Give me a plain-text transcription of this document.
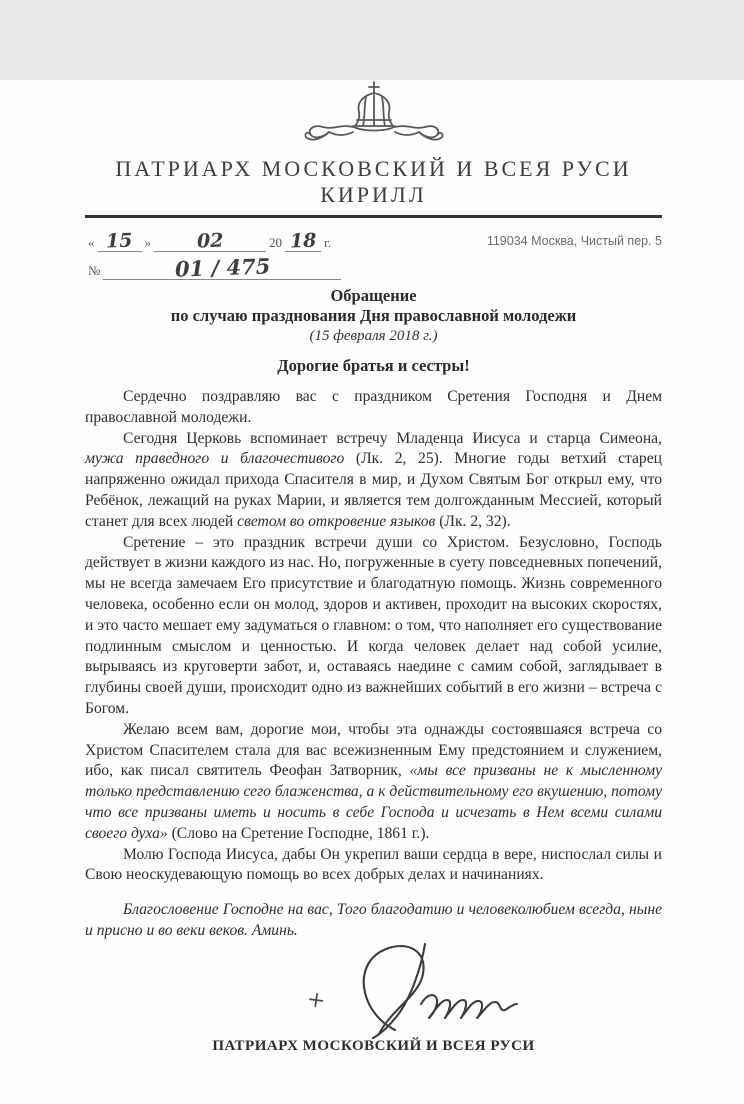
ПАТРИАРХ МОСКОВСКИЙ И ВСЕЯ РУСИ
КИРИЛЛ
« 15 »	02	20 18 г.	119034 Москва, Чистый пер. 5
№	01 / 475
Обращение
по случаю празднования Дня православной молодежи
(15 февраля 2018 г.)
Дорогие братья и сестры!

Сердечно поздравляю вас с праздником Сретения Господня и Днем православной молодежи.

Сегодня Церковь вспоминает встречу Младенца Иисуса и старца Симеона, мужа праведного и благочестивого (Лк. 2, 25). Многие годы ветхий старец напряженно ожидал прихода Спасителя в мир, и Духом Святым Бог открыл ему, что Ребёнок, лежащий на руках Марии, и является тем долгожданным Мессией, который станет для всех людей светом во откровение языков (Лк. 2, 32).

Сретение – это праздник встречи души со Христом. Безусловно, Господь действует в жизни каждого из нас. Но, погруженные в суету повседневных попечений, мы не всегда замечаем Его присутствие и благодатную помощь. Жизнь современного человека, особенно если он молод, здоров и активен, проходит на высоких скоростях, и это часто мешает ему задуматься о главном: о том, что наполняет его существование подлинным смыслом и ценностью. И когда человек делает над собой усилие, вырываясь из круговерти забот, и, оставаясь наедине с самим собой, заглядывает в глубины своей души, происходит одно из важнейших событий в его жизни – встреча с Богом.

Желаю всем вам, дорогие мои, чтобы эта однажды состоявшаяся встреча со Христом Спасителем стала для вас всежизненным Ему предстоянием и служением, ибо, как писал святитель Феофан Затворник, «мы все призваны не к мысленному только представлению сего блаженства, а к действительному его вкушению, потому что все призваны иметь и носить в себе Господа и исчезать в Нем всеми силами своего духа» (Слово на Сретение Господне, 1861 г.).

Молю Господа Иисуса, дабы Он укрепил ваши сердца в вере, ниспослал силы и Свою неоскудевающую помощь во всех добрых делах и начинаниях.

Благословение Господне на вас, Того благодатию и человеколюбием всегда, ныне и присно и во веки веков. Аминь.

+
ПАТРИАРХ МОСКОВСКИЙ И ВСЕЯ РУСИ
